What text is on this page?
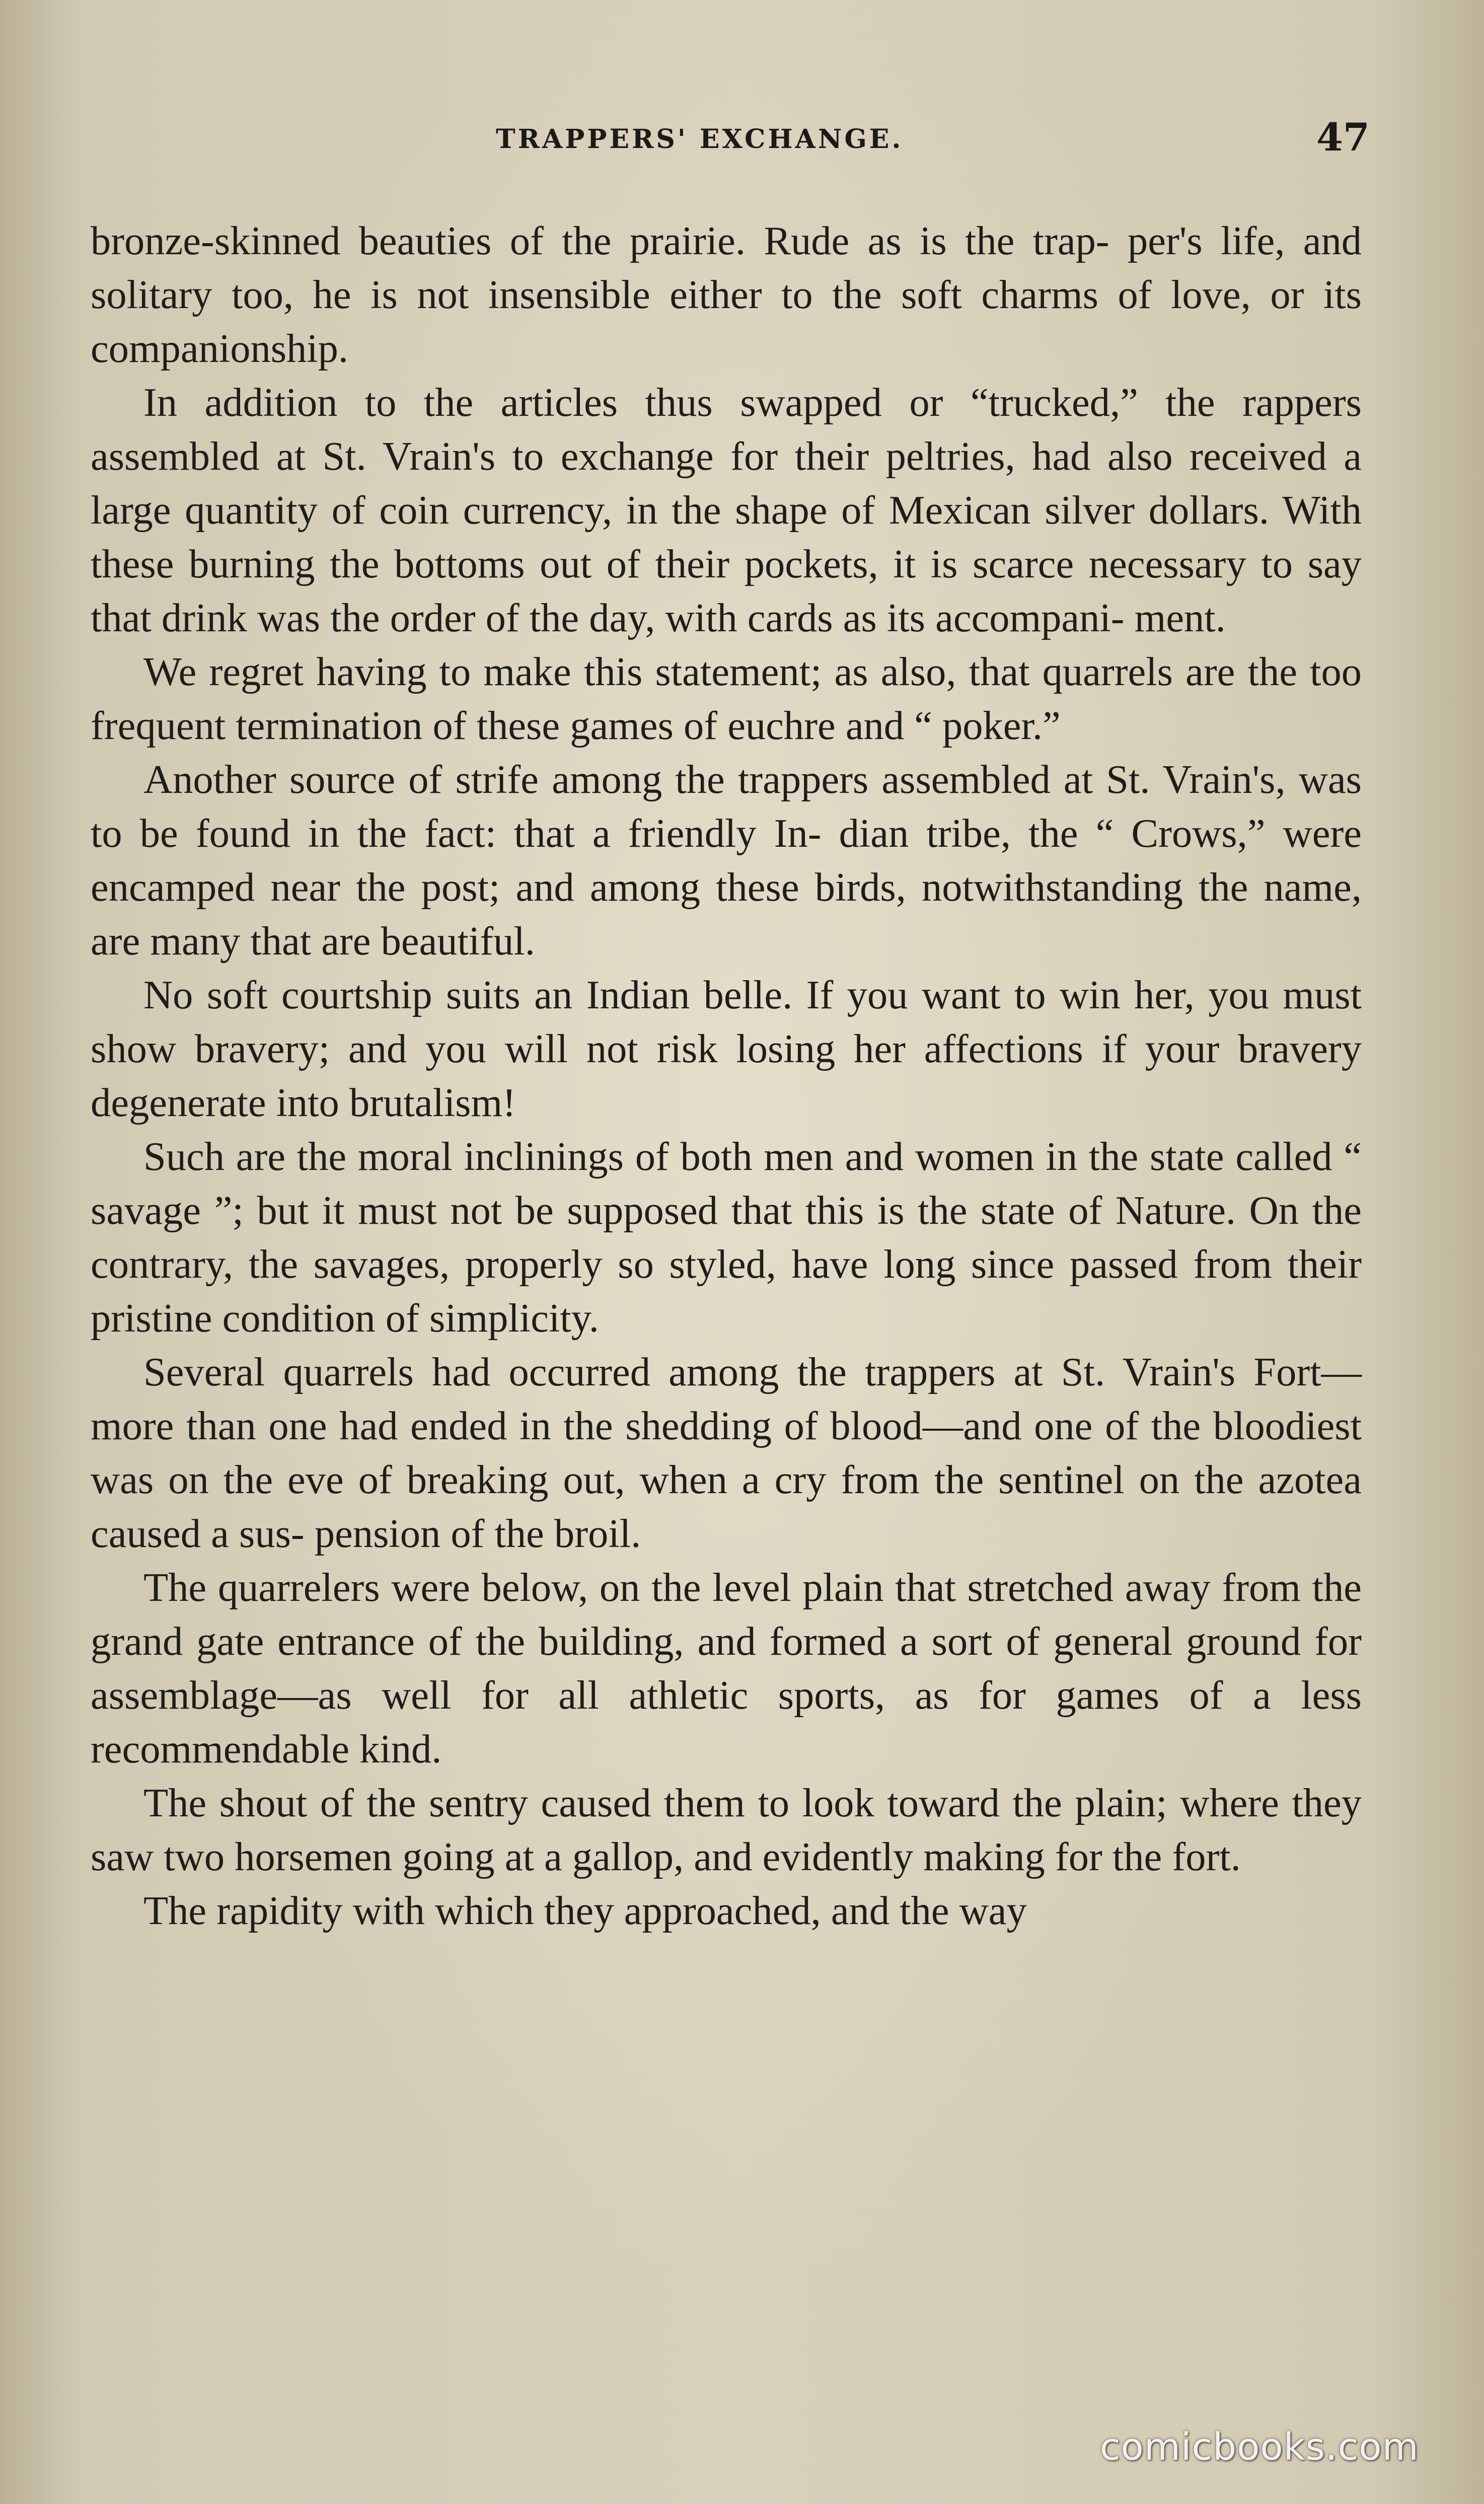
TRAPPERS' EXCHANGE.	47

bronze-skinned beauties of the prairie. Rude as is the trap- per's life, and solitary too, he is not insensible either to the soft charms of love, or its companionship.

In addition to the articles thus swapped or “trucked,” the rappers assembled at St. Vrain's to exchange for their peltries, had also received a large quantity of coin currency, in the shape of Mexican silver dollars. With these burning the bottoms out of their pockets, it is scarce necessary to say that drink was the order of the day, with cards as its accompani- ment.

We regret having to make this statement; as also, that quarrels are the too frequent termination of these games of euchre and “ poker.”

Another source of strife among the trappers assembled at St. Vrain's, was to be found in the fact: that a friendly In- dian tribe, the “ Crows,” were encamped near the post; and among these birds, notwithstanding the name, are many that are beautiful.

No soft courtship suits an Indian belle. If you want to win her, you must show bravery; and you will not risk losing her affections if your bravery degenerate into brutalism!

Such are the moral inclinings of both men and women in the state called “ savage ”; but it must not be supposed that this is the state of Nature. On the contrary, the savages, properly so styled, have long since passed from their pristine condition of simplicity.

Several quarrels had occurred among the trappers at St. Vrain's Fort—more than one had ended in the shedding of blood—and one of the bloodiest was on the eve of breaking out, when a cry from the sentinel on the azotea caused a sus- pension of the broil.

The quarrelers were below, on the level plain that stretched away from the grand gate entrance of the building, and formed a sort of general ground for assemblage—as well for all athletic sports, as for games of a less recommendable kind.

The shout of the sentry caused them to look toward the plain; where they saw two horsemen going at a gallop, and evidently making for the fort.

The rapidity with which they approached, and the way

comicbooks.com
